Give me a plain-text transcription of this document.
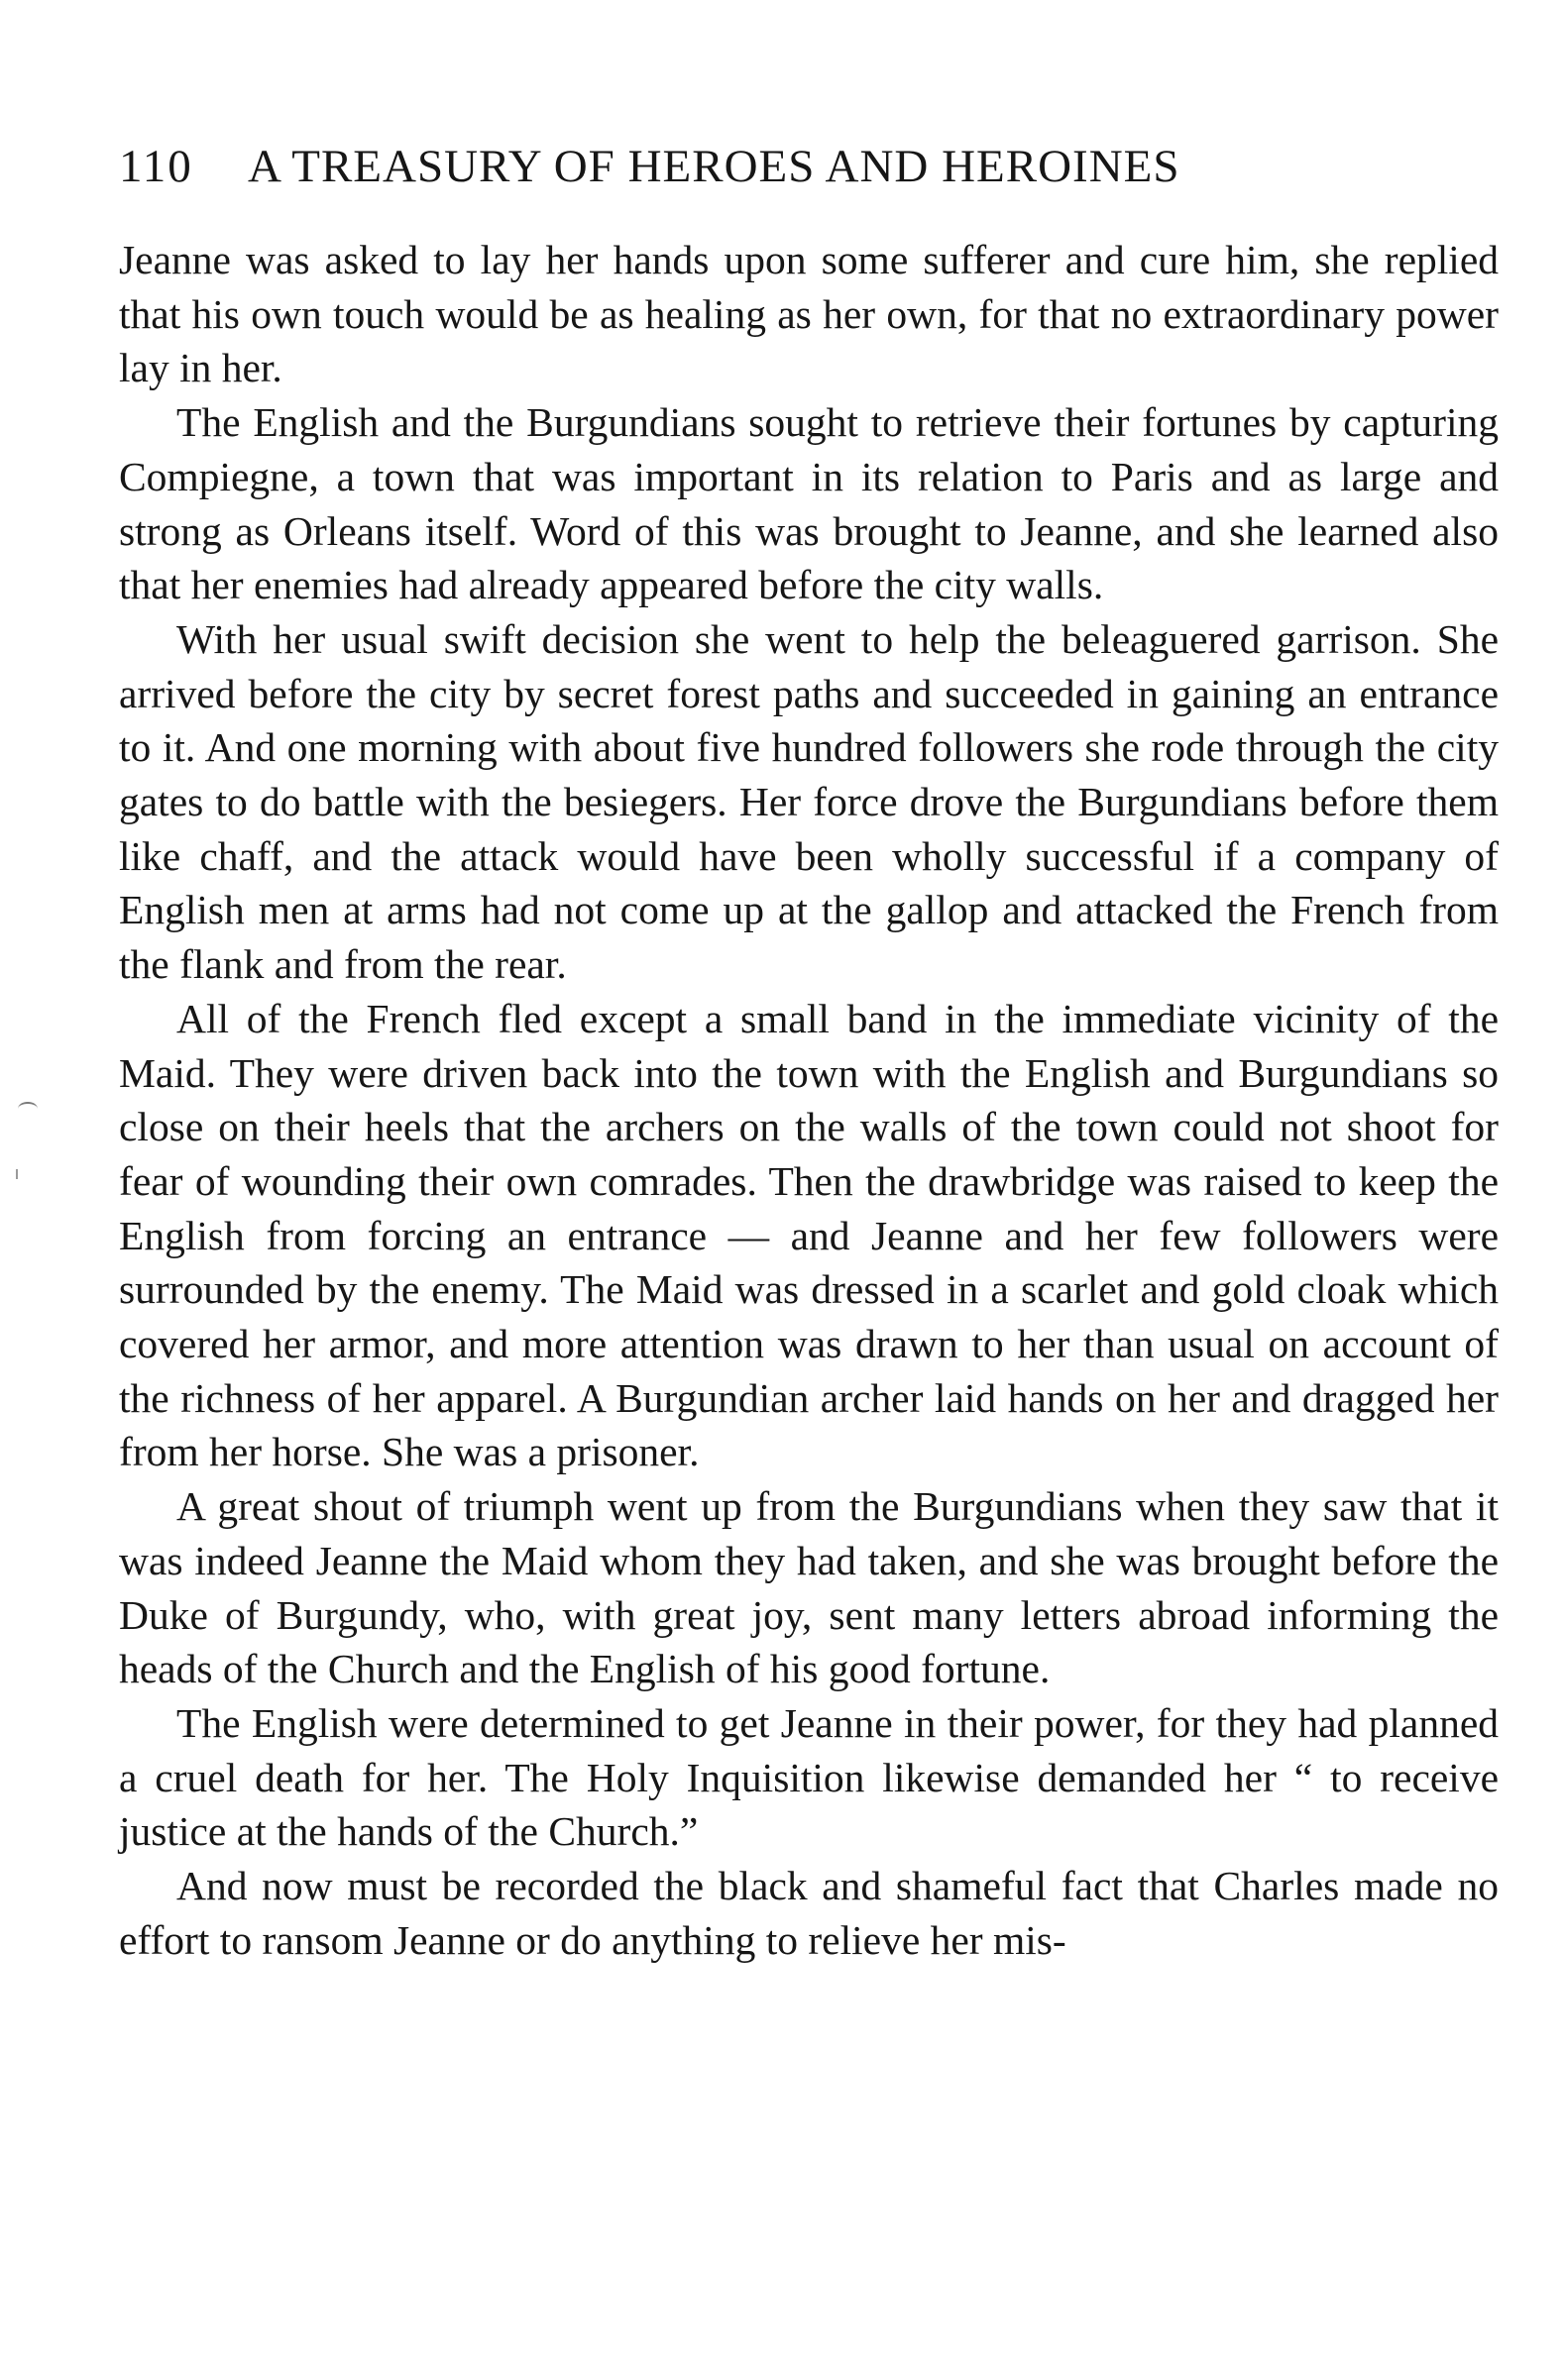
110 A TREASURY OF HEROES AND HEROINES

Jeanne was asked to lay her hands upon some sufferer and cure him, she replied that his own touch would be as healing as her own, for that no extraordinary power lay in her.

The English and the Burgundians sought to retrieve their fortunes by capturing Compiegne, a town that was important in its relation to Paris and as large and strong as Orleans itself. Word of this was brought to Jeanne, and she learned also that her enemies had already appeared before the city walls.

With her usual swift decision she went to help the beleaguered garrison. She arrived before the city by secret forest paths and succeeded in gaining an entrance to it. And one morning with about five hundred followers she rode through the city gates to do battle with the besiegers. Her force drove the Burgundians before them like chaff, and the attack would have been wholly successful if a company of English men at arms had not come up at the gallop and attacked the French from the flank and from the rear.

All of the French fled except a small band in the immediate vicinity of the Maid. They were driven back into the town with the English and Burgundians so close on their heels that the archers on the walls of the town could not shoot for fear of wounding their own comrades. Then the drawbridge was raised to keep the English from forcing an entrance — and Jeanne and her few followers were surrounded by the enemy. The Maid was dressed in a scarlet and gold cloak which covered her armor, and more attention was drawn to her than usual on account of the richness of her apparel. A Burgundian archer laid hands on her and dragged her from her horse. She was a prisoner.

A great shout of triumph went up from the Burgundians when they saw that it was indeed Jeanne the Maid whom they had taken, and she was brought before the Duke of Burgundy, who, with great joy, sent many letters abroad informing the heads of the Church and the English of his good fortune.

The English were determined to get Jeanne in their power, for they had planned a cruel death for her. The Holy Inquisition likewise demanded her “ to receive justice at the hands of the Church.”

And now must be recorded the black and shameful fact that Charles made no effort to ransom Jeanne or do anything to relieve her mis-
